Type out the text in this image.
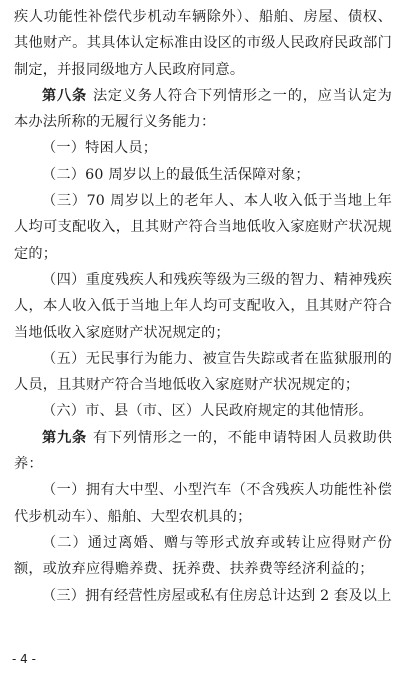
疾人功能性补偿代步机动车辆除外）、船舶、房屋、债权、其他财产。其具体认定标准由设区的市级人民政府民政部门制定，并报同级地方人民政府同意。

第八条 法定义务人符合下列情形之一的，应当认定为本办法所称的无履行义务能力：

（一）特困人员；

（二）60 周岁以上的最低生活保障对象；

（三）70 周岁以上的老年人、本人收入低于当地上年人均可支配收入，且其财产符合当地低收入家庭财产状况规定的；

（四）重度残疾人和残疾等级为三级的智力、精神残疾人，本人收入低于当地上年人均可支配收入，且其财产符合当地低收入家庭财产状况规定的；

（五）无民事行为能力、被宣告失踪或者在监狱服刑的人员，且其财产符合当地低收入家庭财产状况规定的；

（六）市、县（市、区）人民政府规定的其他情形。

第九条 有下列情形之一的，不能申请特困人员救助供养：

（一）拥有大中型、小型汽车（不含残疾人功能性补偿代步机动车）、船舶、大型农机具的；

（二）通过离婚、赠与等形式放弃或转让应得财产份额，或放弃应得赡养费、抚养费、扶养费等经济利益的；

（三）拥有经营性房屋或私有住房总计达到 2 套及以上

- 4 -
